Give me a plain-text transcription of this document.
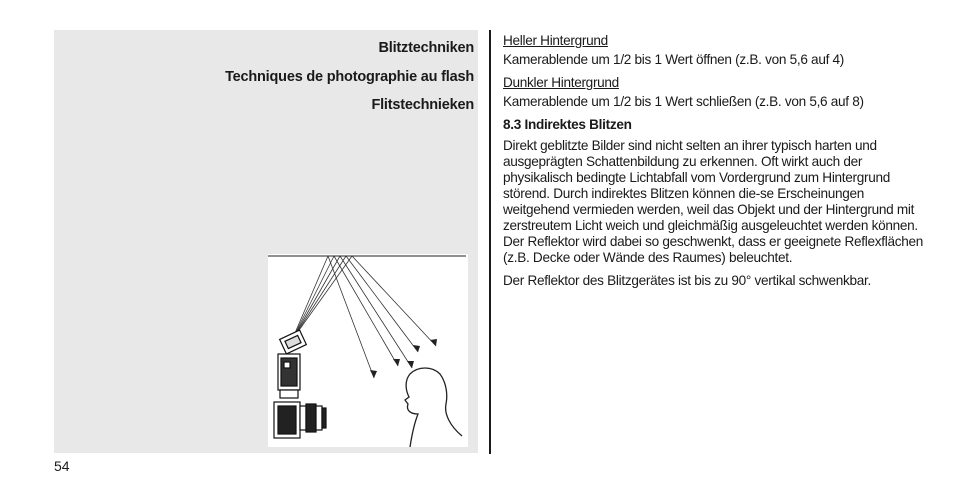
Blitztechniken
Techniques de photographie au flash
Flitstechnieken
54

Heller Hintergrund

Kamerablende um 1/2 bis 1 Wert öffnen (z.B. von 5,6 auf 4)

Dunkler Hintergrund

Kamerablende um 1/2 bis 1 Wert schließen (z.B. von 5,6 auf 8)

8.3 Indirektes Blitzen

Direkt geblitzte Bilder sind nicht selten an ihrer typisch harten und ausgeprägten Schattenbildung zu erkennen. Oft wirkt auch der physikalisch bedingte Lichtabfall vom Vordergrund zum Hintergrund störend. Durch indirektes Blitzen können die-se Erscheinungen weitgehend vermieden werden, weil das Objekt und der Hintergrund mit zerstreutem Licht weich und gleichmäßig ausgeleuchtet werden können. Der Reflektor wird dabei so geschwenkt, dass er geeignete Reflexflächen (z.B. Decke oder Wände des Raumes) beleuchtet.

Der Reflektor des Blitzgerätes ist bis zu 90° vertikal schwenkbar.
